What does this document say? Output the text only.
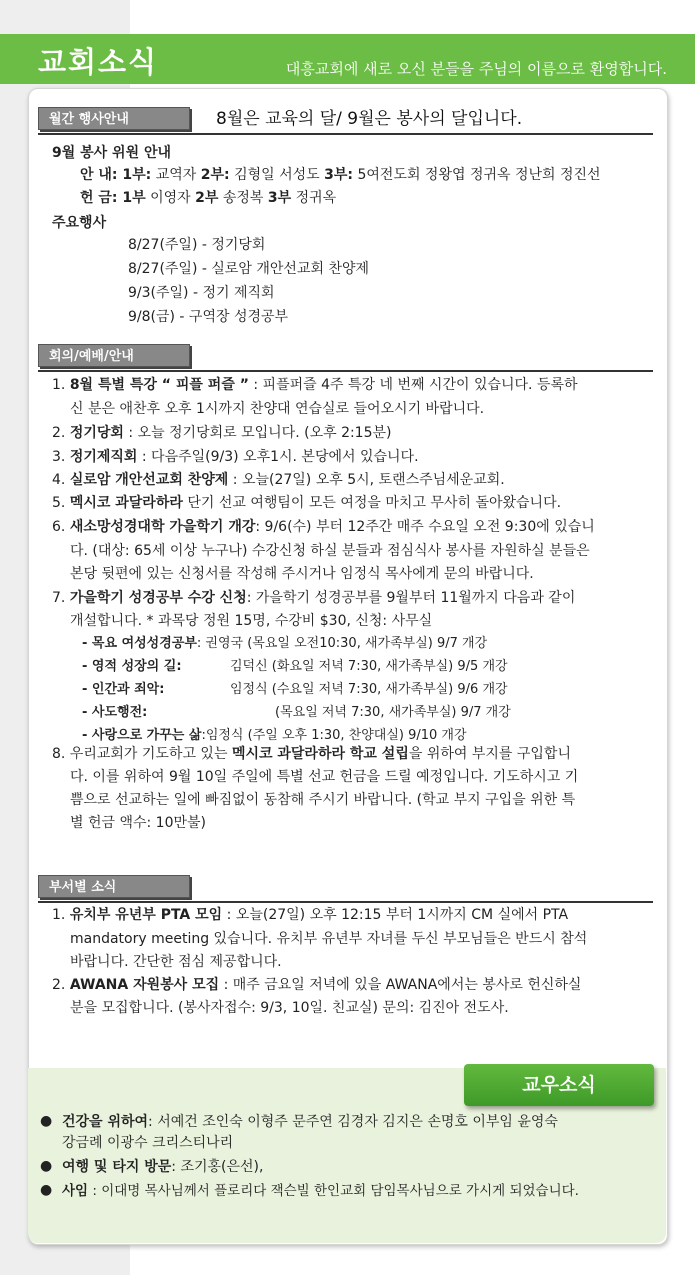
교회소식	대흥교회에 새로 오신 분들을 주님의 이름으로 환영합니다.
월간 행사안내	8월은 교육의 달/ 9월은 봉사의 달입니다.
9월 봉사 위원 안내
안 내: 1부: 교역자 2부: 김형일 서성도 3부: 5여전도회 정왕엽 정귀옥 정난희 정진선
헌 금: 1부 이영자 2부 송정복 3부 정귀옥
주요행사
8/27(주일) - 정기당회
8/27(주일) - 실로암 개안선교회 찬양제
9/3(주일) - 정기 제직회
9/8(금) - 구역장 성경공부
회의/예배/안내
1. 8월 특별 특강 “ 피플 퍼즐 ” : 피플퍼즐 4주 특강 네 번째 시간이 있습니다. 등록하
신 분은 애찬후 오후 1시까지 찬양대 연습실로 들어오시기 바랍니다.
2. 정기당회 : 오늘 정기당회로 모입니다. (오후 2:15분)
3. 정기제직회 : 다음주일(9/3) 오후1시. 본당에서 있습니다.
4. 실로암 개안선교회 찬양제 : 오늘(27일) 오후 5시, 토랜스주님세운교회.
5. 멕시코 과달라하라 단기 선교 여행팀이 모든 여정을 마치고 무사히 돌아왔습니다.
6. 새소망성경대학 가을학기 개강: 9/6(수) 부터 12주간 매주 수요일 오전 9:30에 있습니
다. (대상: 65세 이상 누구나) 수강신청 하실 분들과 점심식사 봉사를 자원하실 분들은
본당 뒷편에 있는 신청서를 작성해 주시거나 임정식 목사에게 문의 바랍니다.
7. 가을학기 성경공부 수강 신청: 가을학기 성경공부를 9월부터 11월까지 다음과 같이
개설합니다. * 과목당 정원 15명, 수강비 $30, 신청: 사무실
- 목요 여성성경공부: 권영국 (목요일 오전10:30, 새가족부실) 9/7 개강
- 영적 성장의 길:	김덕신 (화요일 저녁 7:30, 새가족부실) 9/5 개강
- 인간과 죄악:	임정식 (수요일 저녁 7:30, 새가족부실) 9/6 개강
- 사도행전:	(목요일 저녁 7:30, 새가족부실) 9/7 개강
- 사랑으로 가꾸는 삶:임정식 (주일 오후 1:30, 찬양대실) 9/10 개강
8. 우리교회가 기도하고 있는 멕시코 과달라하라 학교 설립을 위하여 부지를 구입합니
다. 이를 위하여 9월 10일 주일에 특별 선교 헌금을 드릴 예정입니다. 기도하시고 기
쁨으로 선교하는 일에 빠짐없이 동참해 주시기 바랍니다. (학교 부지 구입을 위한 특
별 헌금 액수: 10만불)
부서별 소식
1. 유치부 유년부 PTA 모임 : 오늘(27일) 오후 12:15 부터 1시까지 CM 실에서 PTA
mandatory meeting 있습니다. 유치부 유년부 자녀를 두신 부모님들은 반드시 참석
바랍니다. 간단한 점심 제공합니다.
2. AWANA 자원봉사 모집 : 매주 금요일 저녁에 있을 AWANA에서는 봉사로 헌신하실
분을 모집합니다. (봉사자접수: 9/3, 10일. 친교실) 문의: 김진아 전도사.
교우소식
● 건강을 위하여: 서예건 조인숙 이형주 문주연 김경자 김지은 손명호 이부임 윤영숙
강금례 이광수 크리스티나리
● 여행 및 타지 방문: 조기홍(은선),
● 사임 : 이대명 목사님께서 플로리다 잭슨빌 한인교회 담임목사님으로 가시게 되었습니다.
